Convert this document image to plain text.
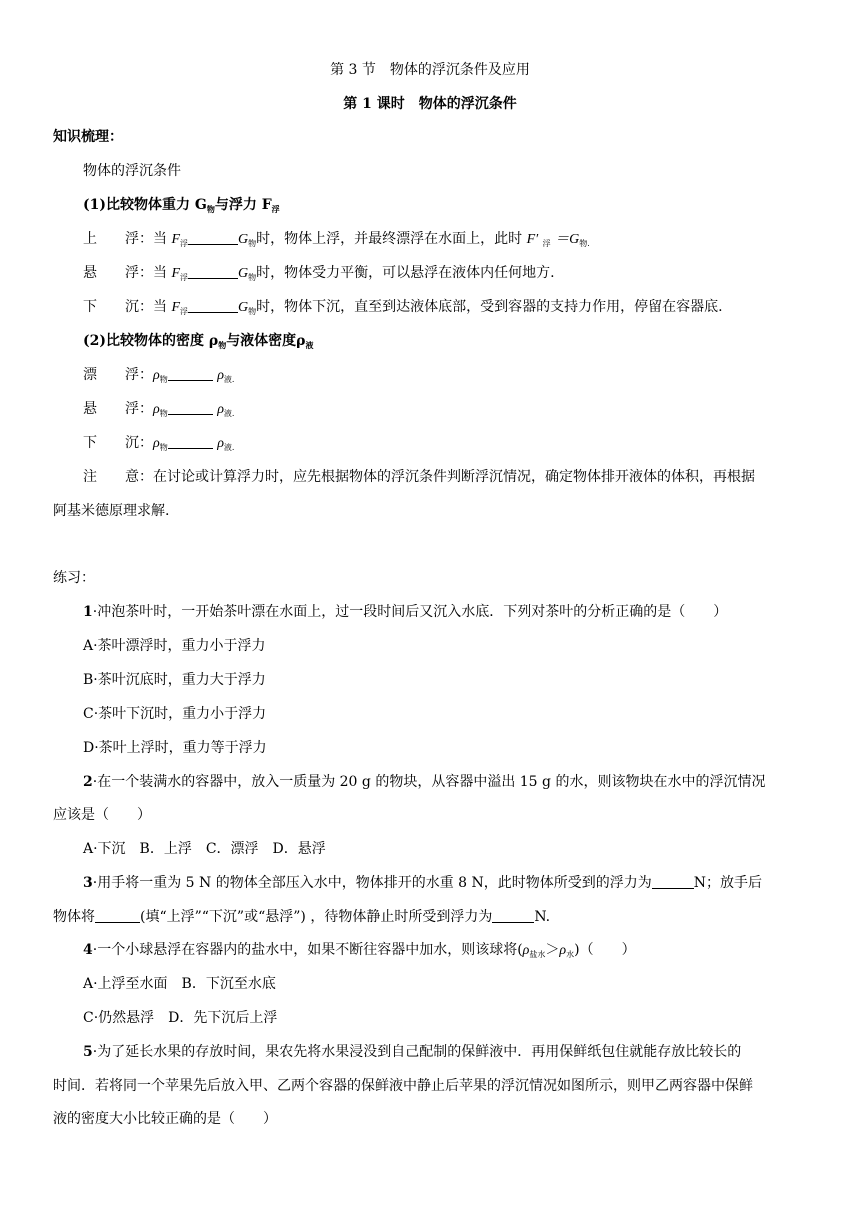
第 3 节　物体的浮沉条件及应用
第 1 课时　物体的浮沉条件
知识梳理：
物体的浮沉条件
(1)比较物体重力 $G_物$与浮力 $F_浮$
上　　浮：当 $F_浮$	$G_物$时，物体上浮，并最终漂浮在水面上，此时 F′ $_浮 =G_{物.}$
悬　　浮：当 $F_浮$	$G_物$时，物体受力平衡，可以悬浮在液体内任何地方.
下　　沉：当 $F_浮$	$G_物$时，物体下沉，直至到达液体底部，受到容器的支持力作用，停留在容器底.
(2)比较物体的密度 $\rho_物$与液体密度$\rho_液$
漂　　浮：$\rho_物$	$\rho_{液.}$
悬　　浮：$\rho_物$	$\rho_{液.}$
下　　沉：$\rho_物$	$\rho_{液.}$
注　　意：在讨论或计算浮力时，应先根据物体的浮沉条件判断浮沉情况，确定物体排开液体的体积，再根据
阿基米德原理求解.
练习：
1·冲泡茶叶时，一开始茶叶漂在水面上，过一段时间后又沉入水底．下列对茶叶的分析正确的是（　　）
A·茶叶漂浮时，重力小于浮力
B·茶叶沉底时，重力大于浮力
C·茶叶下沉时，重力小于浮力
D·茶叶上浮时，重力等于浮力
2·在一个装满水的容器中，放入一质量为 20 g 的物块，从容器中溢出 15 g 的水，则该物块在水中的浮沉情况
应该是（　　）
A·下沉　B．上浮　C．漂浮　D．悬浮
3·用手将一重为 5 N 的物体全部压入水中，物体排开的水重 8 N，此时物体所受到的浮力为	N；放手后
物体将	(填“上浮”“下沉”或“悬浮”) ，待物体静止时所受到浮力为	N.
4·一个小球悬浮在容器内的盐水中，如果不断往容器中加水，则该球将$(\rho_{盐水}>\rho_水)$（　　）
A·上浮至水面　B．下沉至水底
C·仍然悬浮　D．先下沉后上浮
5·为了延长水果的存放时间，果农先将水果浸没到自己配制的保鲜液中．再用保鲜纸包住就能存放比较长的
时间．若将同一个苹果先后放入甲、乙两个容器的保鲜液中静止后苹果的浮沉情况如图所示，则甲乙两容器中保鲜
液的密度大小比较正确的是（　　）
